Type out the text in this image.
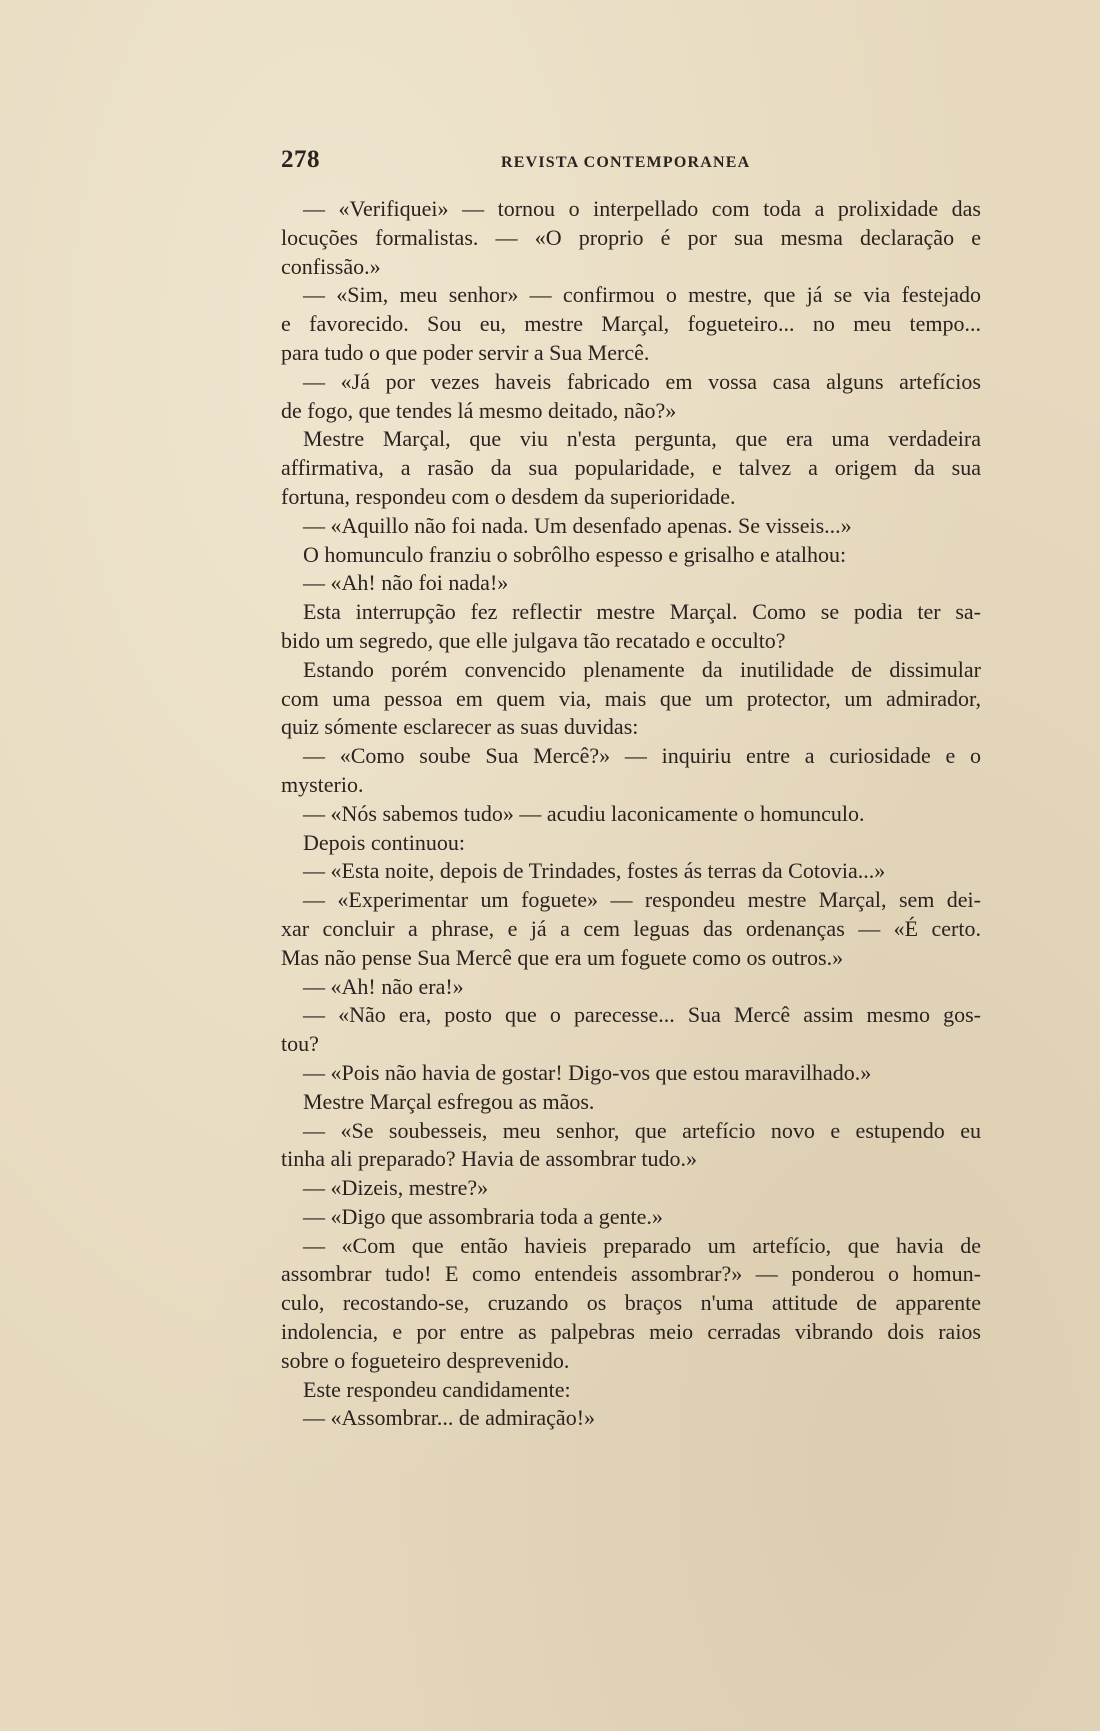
278	REVISTA CONTEMPORANEA
— «Verifiquei» — tornou o interpellado com toda a prolixidade das
locuções formalistas. — «O proprio é por sua mesma declaração e
confissão.»
— «Sim, meu senhor» — confirmou o mestre, que já se via festejado
e favorecido. Sou eu, mestre Marçal, fogueteiro... no meu tempo...
para tudo o que poder servir a Sua Mercê.
— «Já por vezes haveis fabricado em vossa casa alguns artefícios
de fogo, que tendes lá mesmo deitado, não?»
Mestre Marçal, que viu n'esta pergunta, que era uma verdadeira
affirmativa, a rasão da sua popularidade, e talvez a origem da sua
fortuna, respondeu com o desdem da superioridade.
— «Aquillo não foi nada. Um desenfado apenas. Se visseis...»
O homunculo franziu o sobrôlho espesso e grisalho e atalhou:
— «Ah! não foi nada!»
Esta interrupção fez reflectir mestre Marçal. Como se podia ter sa-
bido um segredo, que elle julgava tão recatado e occulto?
Estando porém convencido plenamente da inutilidade de dissimular
com uma pessoa em quem via, mais que um protector, um admirador,
quiz sómente esclarecer as suas duvidas:
— «Como soube Sua Mercê?» — inquiriu entre a curiosidade e o
mysterio.
— «Nós sabemos tudo» — acudiu laconicamente o homunculo.
Depois continuou:
— «Esta noite, depois de Trindades, fostes ás terras da Cotovia...»
— «Experimentar um foguete» — respondeu mestre Marçal, sem dei-
xar concluir a phrase, e já a cem leguas das ordenanças — «É certo.
Mas não pense Sua Mercê que era um foguete como os outros.»
— «Ah! não era!»
— «Não era, posto que o parecesse... Sua Mercê assim mesmo gos-
tou?
— «Pois não havia de gostar! Digo-vos que estou maravilhado.»
Mestre Marçal esfregou as mãos.
— «Se soubesseis, meu senhor, que artefício novo e estupendo eu
tinha ali preparado? Havia de assombrar tudo.»
— «Dizeis, mestre?»
— «Digo que assombraria toda a gente.»
— «Com que então havieis preparado um artefício, que havia de
assombrar tudo! E como entendeis assombrar?» — ponderou o homun-
culo, recostando-se, cruzando os braços n'uma attitude de apparente
indolencia, e por entre as palpebras meio cerradas vibrando dois raios
sobre o fogueteiro desprevenido.
Este respondeu candidamente:
— «Assombrar... de admiração!»
